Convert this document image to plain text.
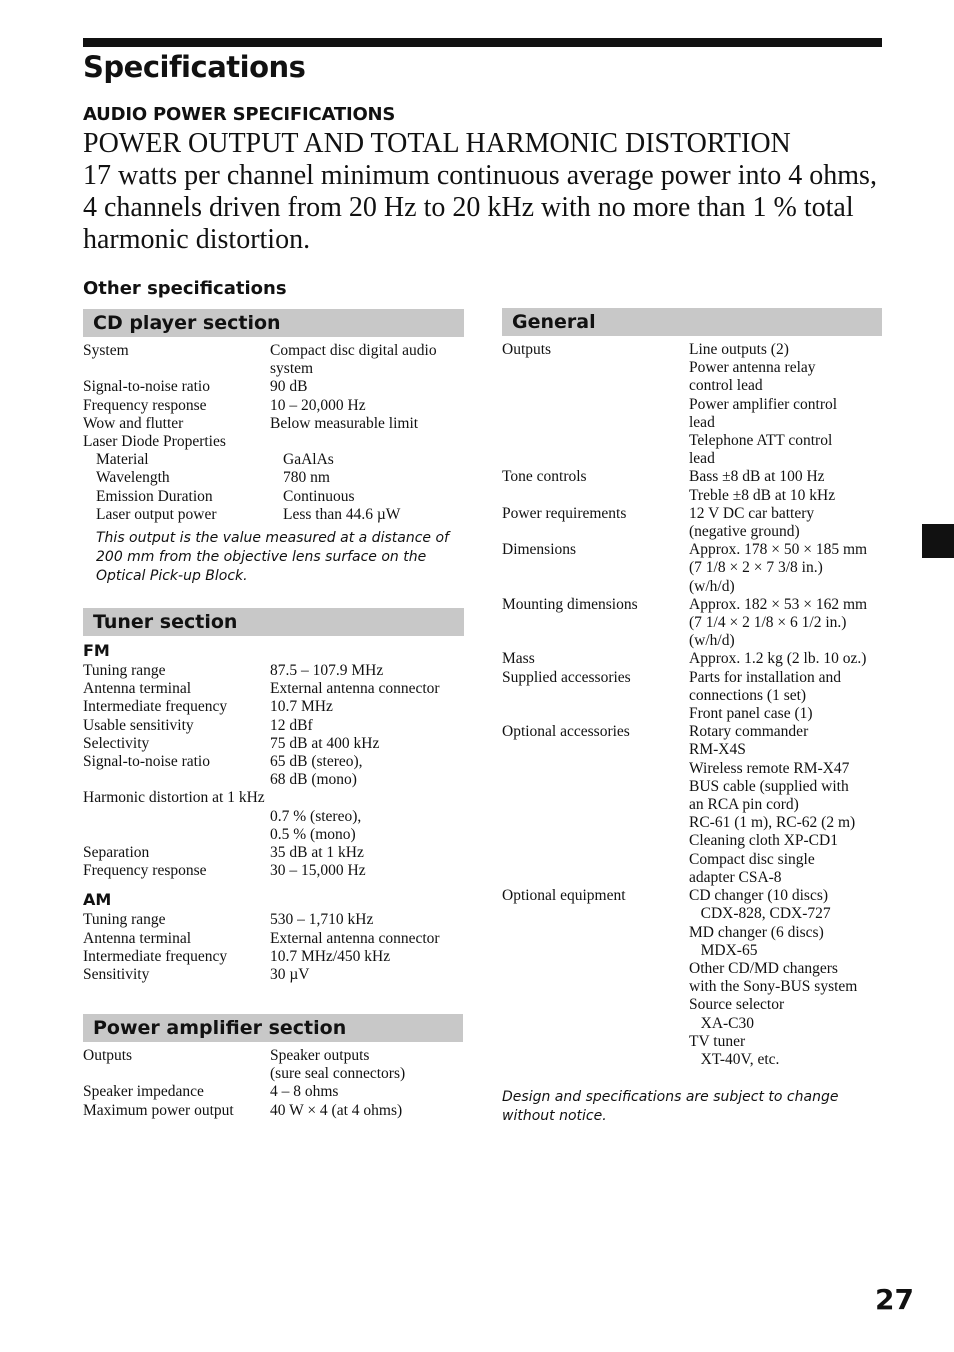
Specifications
AUDIO POWER SPECIFICATIONS
POWER OUTPUT AND TOTAL HARMONIC DISTORTION
17 watts per channel minimum continuous average power into 4 ohms, 4 channels driven from 20 Hz to 20 kHz with no more than 1 % total harmonic distortion.
Other specifications
CD player section
System	Compact disc digital audio system
Signal-to-noise ratio	90 dB
Frequency response	10 – 20,000 Hz
Wow and flutter	Below measurable limit
Laser Diode Properties
Material	GaAlAs
Wavelength	780 nm
Emission Duration	Continuous
Laser output power	Less than 44.6 µW
This output is the value measured at a distance of 200 mm from the objective lens surface on the Optical Pick-up Block.
Tuner section
FM
Tuning range	87.5 – 107.9 MHz
Antenna terminal	External antenna connector
Intermediate frequency	10.7 MHz
Usable sensitivity	12 dBf
Selectivity	75 dB at 400 kHz
Signal-to-noise ratio	65 dB (stereo),
68 dB (mono)
Harmonic distortion at 1 kHz
0.7 % (stereo),
0.5 % (mono)
Separation	35 dB at 1 kHz
Frequency response	30 – 15,000 Hz
AM
Tuning range	530 – 1,710 kHz
Antenna terminal	External antenna connector
Intermediate frequency	10.7 MHz/450 kHz
Sensitivity	30 µV
Power amplifier section
Outputs	Speaker outputs
(sure seal connectors)
Speaker impedance	4 – 8 ohms
Maximum power output	40 W × 4 (at 4 ohms)
General
Outputs	Line outputs (2)
Power antenna relay
control lead
Power amplifier control
lead
Telephone ATT control
lead
Tone controls	Bass ±8 dB at 100 Hz
Treble ±8 dB at 10 kHz
Power requirements	12 V DC car battery
(negative ground)
Dimensions	Approx. 178 × 50 × 185 mm
(7 1/8 × 2 × 7 3/8 in.)
(w/h/d)
Mounting dimensions	Approx. 182 × 53 × 162 mm
(7 1/4 × 2 1/8 × 6 1/2 in.)
(w/h/d)
Mass	Approx. 1.2 kg (2 lb. 10 oz.)
Supplied accessories	Parts for installation and
connections (1 set)
Front panel case (1)
Optional accessories	Rotary commander
RM-X4S
Wireless remote RM-X47
BUS cable (supplied with
an RCA pin cord)
RC-61 (1 m), RC-62 (2 m)
Cleaning cloth XP-CD1
Compact disc single
adapter CSA-8
Optional equipment	CD changer (10 discs)
CDX-828, CDX-727
MD changer (6 discs)
MDX-65
Other CD/MD changers
with the Sony-BUS system
Source selector
XA-C30
TV tuner
XT-40V, etc.
Design and specifications are subject to change without notice.
27
